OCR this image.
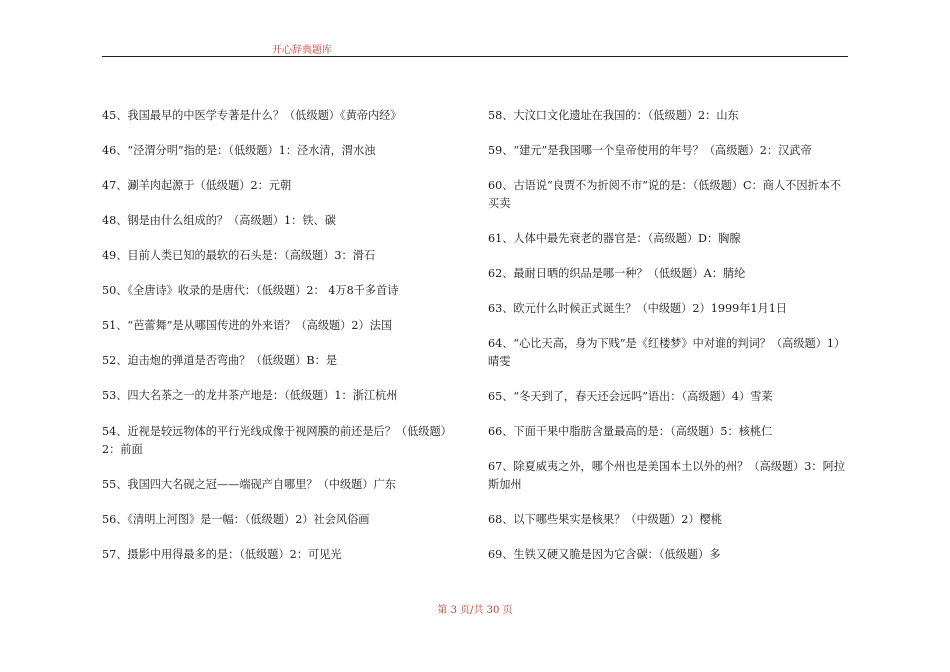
开心辞典题库
45、我国最早的中医学专著是什么？（低级题）《黄帝内经》
46、“泾渭分明”指的是：（低级题）1：泾水清，渭水浊
47、涮羊肉起源于（低级题）2：元朝
48、钢是由什么组成的？（高级题）1：铁、碳
49、目前人类已知的最软的石头是：（高级题）3：滑石
50、《全唐诗》收录的是唐代：（低级题）2： 4万8千多首诗
51、“芭蕾舞”是从哪国传进的外来语？（高级题）2）法国
52、迫击炮的弹道是否弯曲？（低级题）B：是
53、四大名茶之一的龙井茶产地是：（低级题）1：浙江杭州
54、近视是较远物体的平行光线成像于视网膜的前还是后？（低级题）2：前面
55、我国四大名砚之冠——端砚产自哪里？（中级题）广东
56、《清明上河图》是一幅：（低级题）2）社会风俗画
57、摄影中用得最多的是：（低级题）2：可见光
58、大汶口文化遗址在我国的：（低级题）2：山东
59、“建元”是我国哪一个皇帝使用的年号？（高级题）2：汉武帝
60、古语说“良贾不为折阅不市”说的是：（低级题）C：商人不因折本不买卖
61、人体中最先衰老的器官是：（高级题）D：胸腺
62、最耐日晒的织品是哪一种？（低级题）A：腈纶
63、欧元什么时候正式诞生？（中级题）2）1999年1月1日
64、“心比天高，身为下贱”是《红楼梦》中对谁的判词？（高级题）1）晴雯
65、“冬天到了，春天还会远吗”语出：（高级题）4）雪莱
66、下面干果中脂肪含量最高的是：（高级题）5：核桃仁
67、除夏威夷之外，哪个州也是美国本土以外的州？（高级题）3：阿拉斯加州
68、以下哪些果实是核果？（中级题）2）樱桃
69、生铁又硬又脆是因为它含碳：（低级题）多
第 3 页/共 30 页
